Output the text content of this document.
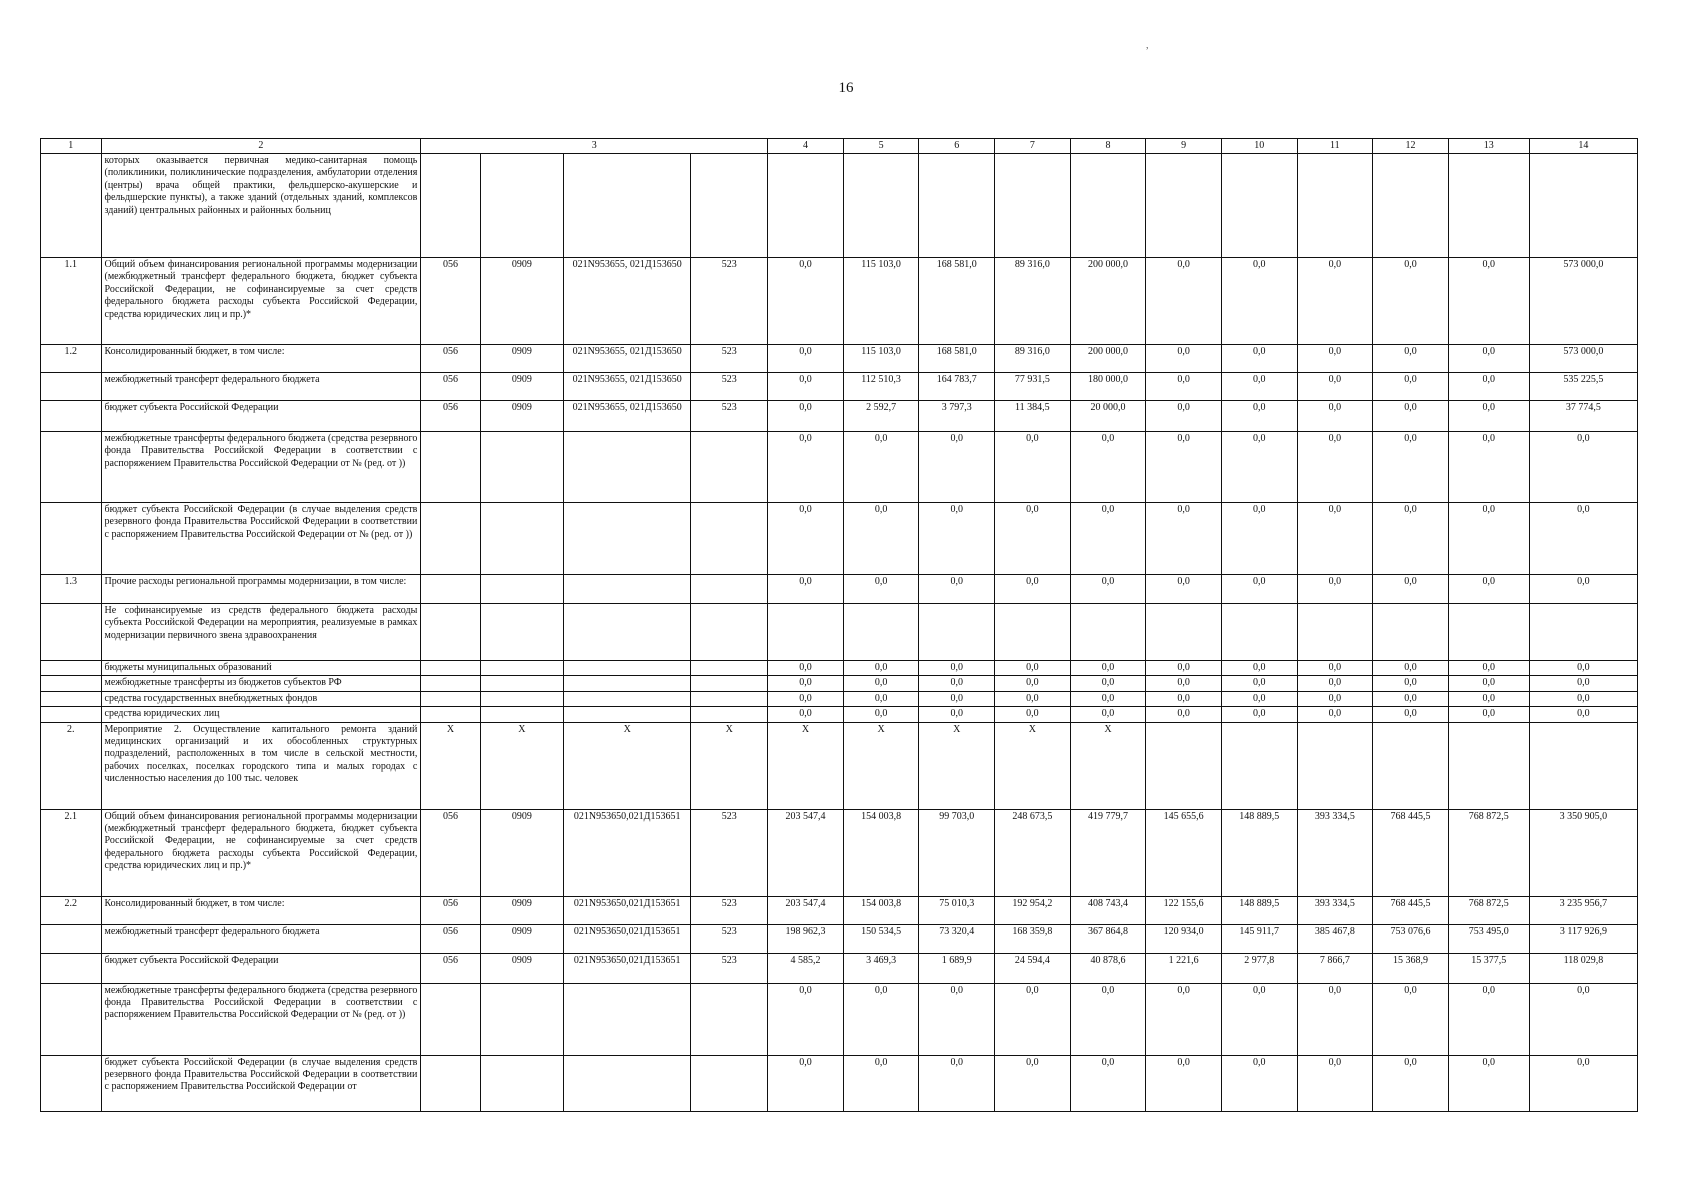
16
,
1	2	3				4	5	6	7	8	9	10	11	12	13	14
	которых оказывается первичная медико-санитарная помощь (поликлиники, поликлинические подразделения, амбулатории отделения (центры) врача общей практики, фельдшерско-акушерские и фельдшерские пункты), а также зданий (отдельных зданий, комплексов зданий) центральных районных и районных больниц															
1.1	Общий объем финансирования региональной программы модернизации (межбюджетный трансферт федерального бюджета, бюджет субъекта Российской Федерации, не софинансируемые за счет средств федерального бюджета расходы субъекта Российской Федерации, средства юридических лиц и пр.)*	056	0909	021N953655, 021Д153650	523	0,0	115 103,0	168 581,0	89 316,0	200 000,0	0,0	0,0	0,0	0,0	0,0	573 000,0
1.2	Консолидированный бюджет, в том числе:	056	0909	021N953655, 021Д153650	523	0,0	115 103,0	168 581,0	89 316,0	200 000,0	0,0	0,0	0,0	0,0	0,0	573 000,0
	межбюджетный трансферт федерального бюджета	056	0909	021N953655, 021Д153650	523	0,0	112 510,3	164 783,7	77 931,5	180 000,0	0,0	0,0	0,0	0,0	0,0	535 225,5
	бюджет субъекта Российской Федерации	056	0909	021N953655, 021Д153650	523	0,0	2 592,7	3 797,3	11 384,5	20 000,0	0,0	0,0	0,0	0,0	0,0	37 774,5
	межбюджетные трансферты федерального бюджета (средства резервного фонда Правительства Российской Федерации в соответствии с распоряжением Правительства Российской Федерации от № (ред. от ))					0,0	0,0	0,0	0,0	0,0	0,0	0,0	0,0	0,0	0,0	0,0
	бюджет субъекта Российской Федерации (в случае выделения средств резервного фонда Правительства Российской Федерации в соответствии с распоряжением Правительства Российской Федерации от № (ред. от ))					0,0	0,0	0,0	0,0	0,0	0,0	0,0	0,0	0,0	0,0	0,0
1.3	Прочие расходы региональной программы модернизации, в том числе:					0,0	0,0	0,0	0,0	0,0	0,0	0,0	0,0	0,0	0,0	0,0
	Не софинансируемые из средств федерального бюджета расходы субъекта Российской Федерации на мероприятия, реализуемые в рамках модернизации первичного звена здравоохранения															
	бюджеты муниципальных образований					0,0	0,0	0,0	0,0	0,0	0,0	0,0	0,0	0,0	0,0	0,0
	межбюджетные трансферты из бюджетов субъектов РФ					0,0	0,0	0,0	0,0	0,0	0,0	0,0	0,0	0,0	0,0	0,0
	средства государственных внебюджетных фондов					0,0	0,0	0,0	0,0	0,0	0,0	0,0	0,0	0,0	0,0	0,0
	средства юридических лиц					0,0	0,0	0,0	0,0	0,0	0,0	0,0	0,0	0,0	0,0	0,0
2.	Мероприятие 2. Осуществление капитального ремонта зданий медицинских организаций и их обособленных структурных подразделений, расположенных в том числе в сельской местности, рабочих поселках, поселках городского типа и малых городах с численностью населения до 100 тыс. человек	X	X	X	X	X	X	X	X	X						
2.1	Общий объем финансирования региональной программы модернизации (межбюджетный трансферт федерального бюджета, бюджет субъекта Российской Федерации, не софинансируемые за счет средств федерального бюджета расходы субъекта Российской Федерации, средства юридических лиц и пр.)*	056	0909	021N953650,021Д153651	523	203 547,4	154 003,8	99 703,0	248 673,5	419 779,7	145 655,6	148 889,5	393 334,5	768 445,5	768 872,5	3 350 905,0
2.2	Консолидированный бюджет, в том числе:	056	0909	021N953650,021Д153651	523	203 547,4	154 003,8	75 010,3	192 954,2	408 743,4	122 155,6	148 889,5	393 334,5	768 445,5	768 872,5	3 235 956,7
	межбюджетный трансферт федерального бюджета	056	0909	021N953650,021Д153651	523	198 962,3	150 534,5	73 320,4	168 359,8	367 864,8	120 934,0	145 911,7	385 467,8	753 076,6	753 495,0	3 117 926,9
	бюджет субъекта Российской Федерации	056	0909	021N953650,021Д153651	523	4 585,2	3 469,3	1 689,9	24 594,4	40 878,6	1 221,6	2 977,8	7 866,7	15 368,9	15 377,5	118 029,8
	межбюджетные трансферты федерального бюджета (средства резервного фонда Правительства Российской Федерации в соответствии с распоряжением Правительства Российской Федерации от № (ред. от ))					0,0	0,0	0,0	0,0	0,0	0,0	0,0	0,0	0,0	0,0	0,0
	бюджет субъекта Российской Федерации (в случае выделения средств резервного фонда Правительства Российской Федерации в соответствии с распоряжением Правительства Российской Федерации от					0,0	0,0	0,0	0,0	0,0	0,0	0,0	0,0	0,0	0,0	0,0
